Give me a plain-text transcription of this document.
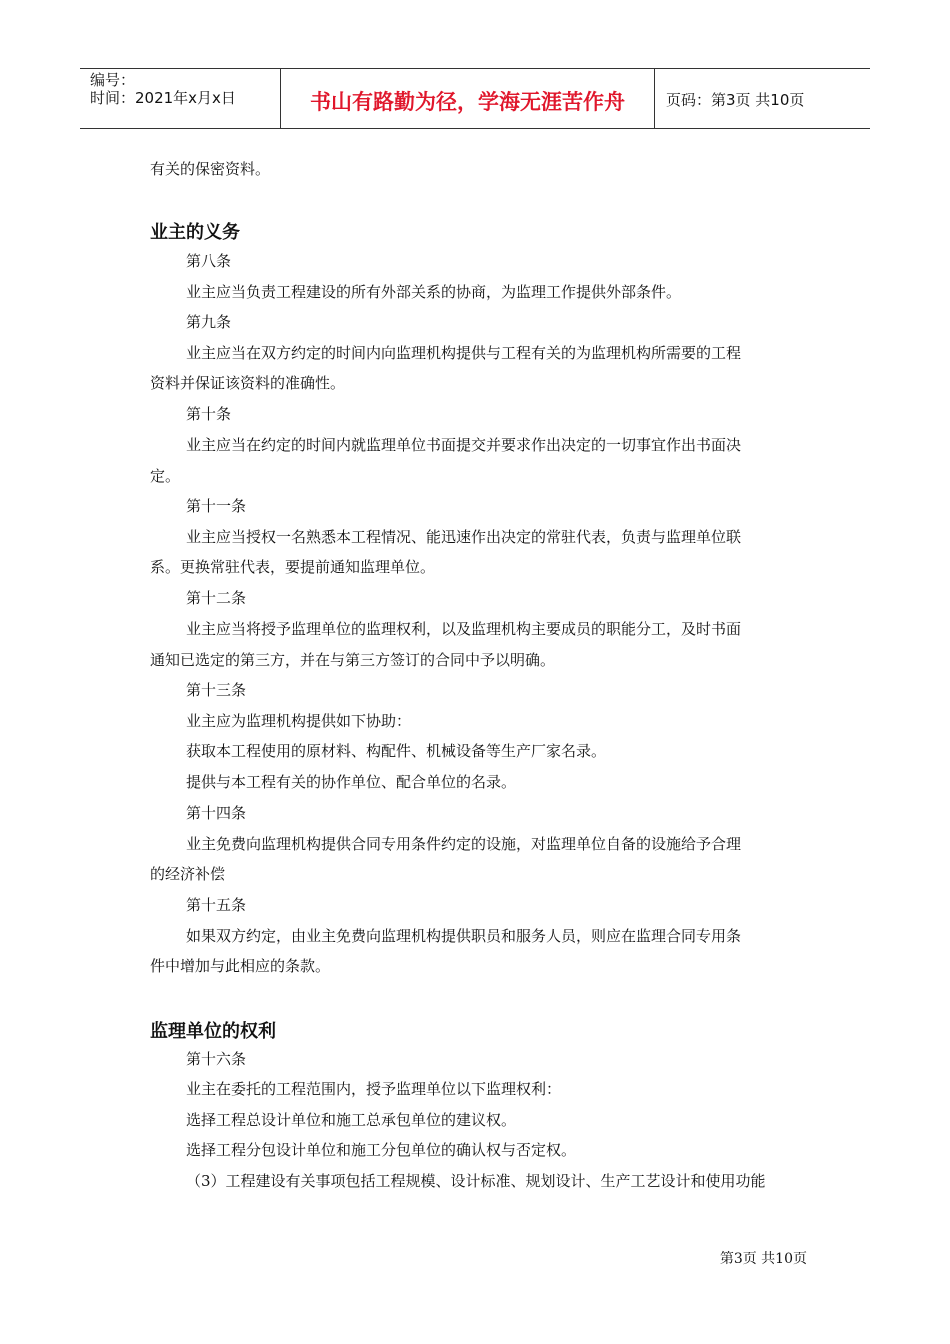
编号：
时间：2021年x月x日	书山有路勤为径，学海无涯苦作舟	页码：第3页 共10页
有关的保密资料。
业主的义务
第八条
业主应当负责工程建设的所有外部关系的协商，为监理工作提供外部条件。
第九条
业主应当在双方约定的时间内向监理机构提供与工程有关的为监理机构所需要的工程
资料并保证该资料的准确性。
第十条
业主应当在约定的时间内就监理单位书面提交并要求作出决定的一切事宜作出书面决
定。
第十一条
业主应当授权一名熟悉本工程情况、能迅速作出决定的常驻代表，负责与监理单位联
系。更换常驻代表，要提前通知监理单位。
第十二条
业主应当将授予监理单位的监理权利，以及监理机构主要成员的职能分工，及时书面
通知已选定的第三方，并在与第三方签订的合同中予以明确。
第十三条
业主应为监理机构提供如下协助：
获取本工程使用的原材料、构配件、机械设备等生产厂家名录。
提供与本工程有关的协作单位、配合单位的名录。
第十四条
业主免费向监理机构提供合同专用条件约定的设施，对监理单位自备的设施给予合理
的经济补偿
第十五条
如果双方约定，由业主免费向监理机构提供职员和服务人员，则应在监理合同专用条
件中增加与此相应的条款。
监理单位的权利
第十六条
业主在委托的工程范围内，授予监理单位以下监理权利：
选择工程总设计单位和施工总承包单位的建议权。
选择工程分包设计单位和施工分包单位的确认权与否定权。
（3）工程建设有关事项包括工程规模、设计标准、规划设计、生产工艺设计和使用功能
第3页 共10页
